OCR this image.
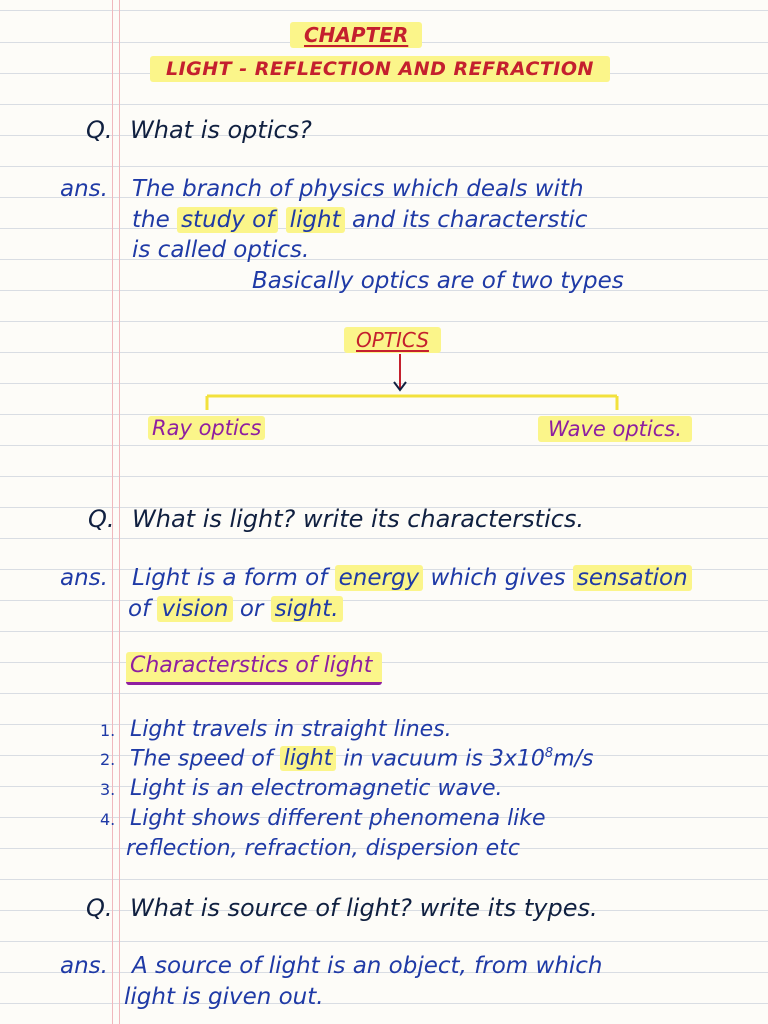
CHAPTER
LIGHT - REFLECTION AND REFRACTION
Q. What is optics?
ans. The branch of physics which deals with
the study of light and its characterstic
is called optics.
Basically optics are of two types
OPTICS
Ray optics	Wave optics.
Q. What is light? write its characterstics.
ans. Light is a form of energy which gives sensation
of vision or sight.
Characterstics of light
1. Light travels in straight lines.
2. The speed of light in vacuum is $3x10^8m/s$
3. Light is an electromagnetic wave.
4. Light shows different phenomena like
reflection, refraction, dispersion etc
Q. What is source of light? write its types.
ans. A source of light is an object, from which
light is given out.
